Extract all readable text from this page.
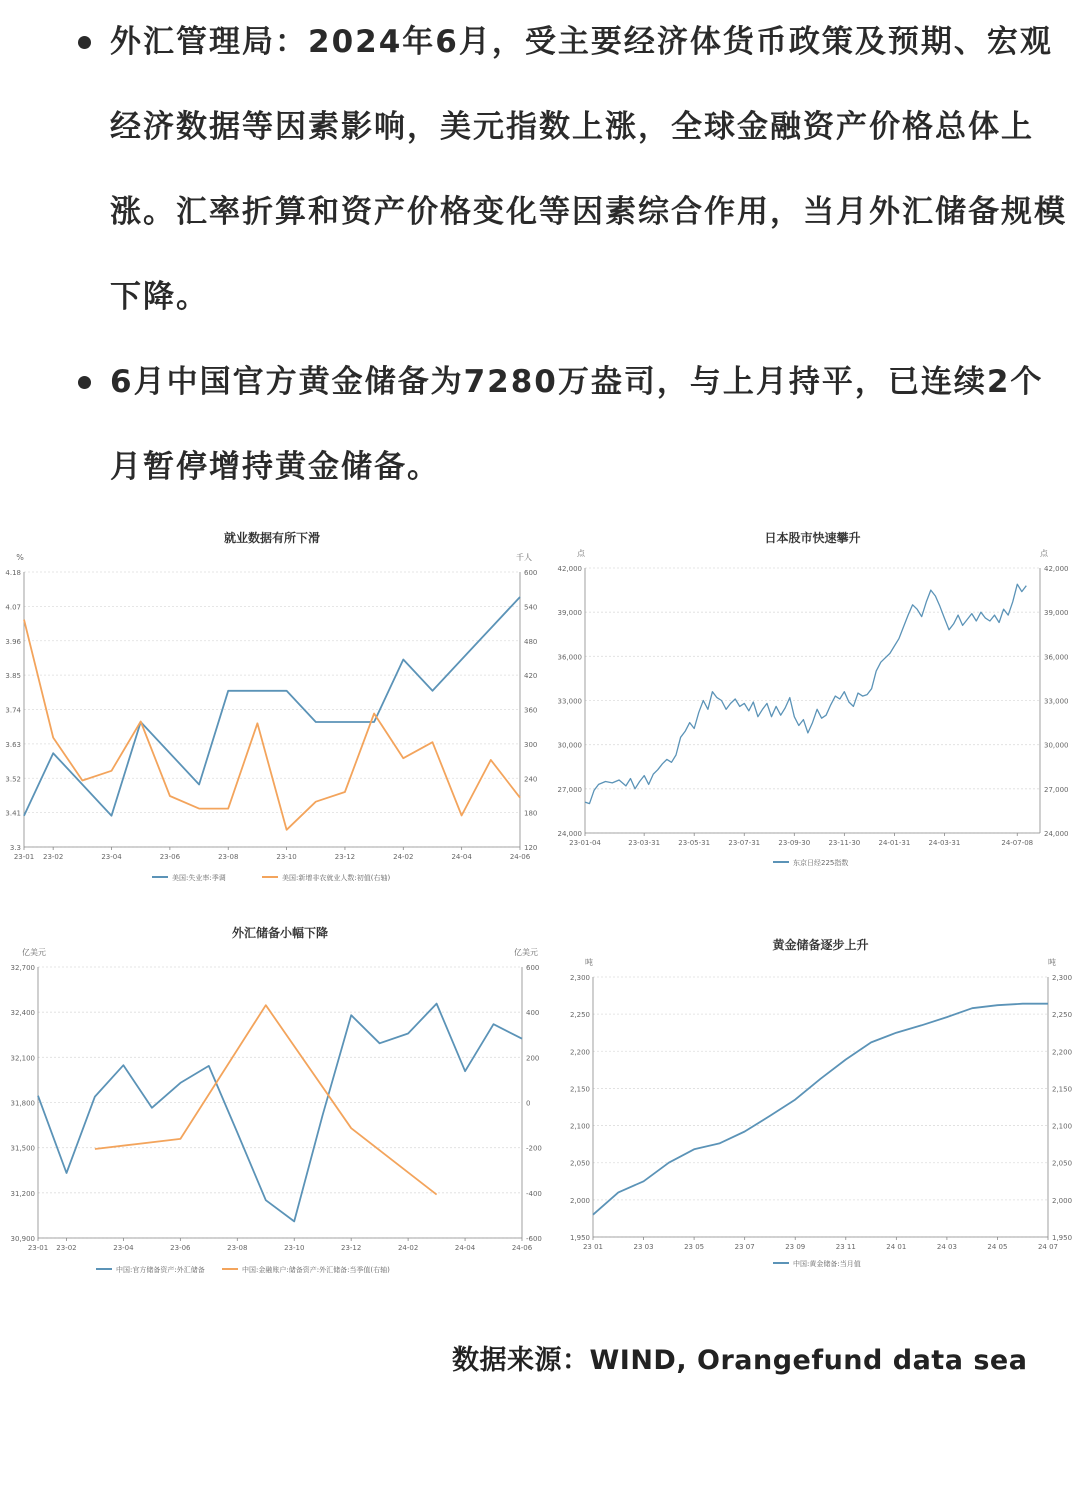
外汇管理局：2024年6月，受主要经济体货币政策及预期、宏观经济数据等因素影响，美元指数上涨，全球金融资产价格总体上涨。汇率折算和资产价格变化等因素综合作用，当月外汇储备规模下降。
6月中国官方黄金储备为7280万盎司，与上月持平，已连续2个月暂停增持黄金储备。
就业数据有所下滑
%	千人
3.3
3.41
3.52
3.63
3.74
3.85
3.96
4.07
4.18
120
180
240
300
360
420
480
540
600
23-01 23-02	23-04	23-06	23-08	23-10	23-12	24-02	24-04	24-06
美国:失业率:季调	美国:新增非农就业人数:初值(右轴)
日本股市快速攀升
点	点
24,000
27,000
30,000
33,000
36,000
39,000
42,000
24,000
27,000
30,000
33,000
36,000
39,000
42,000
23-01-04	23-03-31	23-05-31	23-07-31	23-09-30	23-11-30	24-01-31	24-03-31	24-07-08
东京日经225指数
外汇储备小幅下降
亿美元	亿美元
30,900
31,200
31,500
31,800
32,100
32,400
32,700
-600
-400
-200
0
200
400
600
23-01 23-02	23-04	23-06	23-08	23-10	23-12	24-02	24-04	24-06
中国:官方储备资产:外汇储备	中国:金融账户:储备资产:外汇储备:当季值(右轴)
黄金储备逐步上升
吨	吨
1,950
2,000
2,050
2,100
2,150
2,200
2,250
2,300
1,950
2,000
2,050
2,100
2,150
2,200
2,250
2,300
23 01	23 03	23 05	23 07	23 09	23 11	24 01	24 03	24 05	24 07
中国:黄金储备:当月值
数据来源：WIND, Orangefund data sea
